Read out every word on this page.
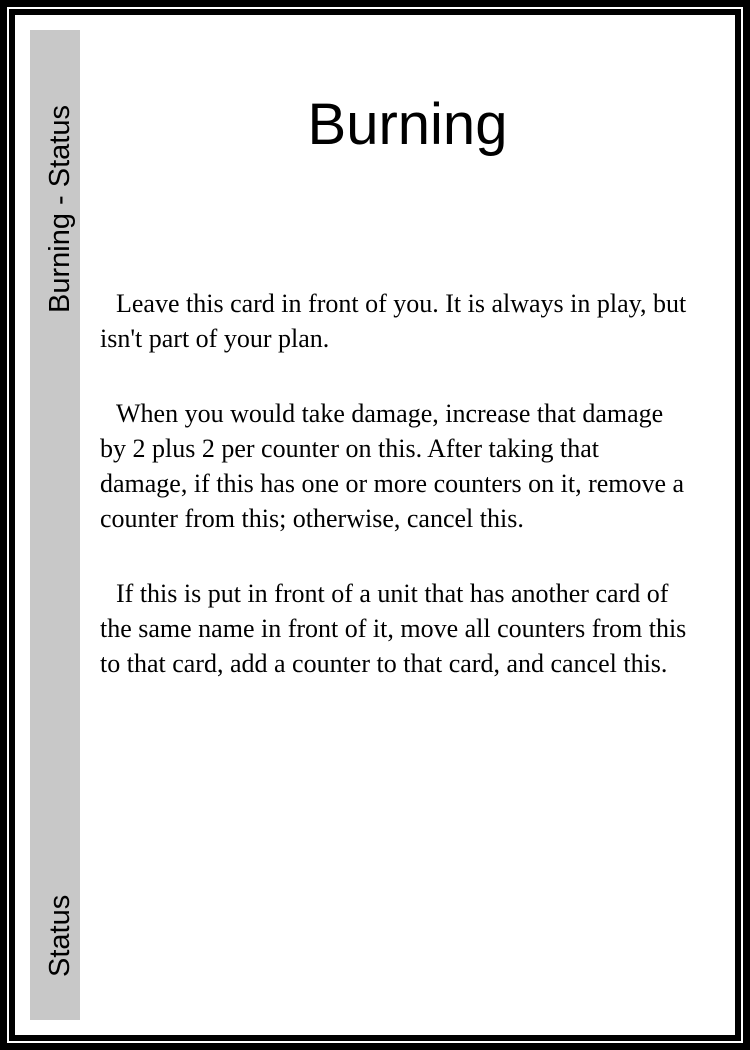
Burning - Status
Status
Burning

Leave this card in front of you. It is always in play, but isn't part of your plan.

When you would take damage, increase that damage by 2 plus 2 per counter on this. After taking that damage, if this has one or more counters on it, remove a counter from this; otherwise, cancel this.

If this is put in front of a unit that has another card of the same name in front of it, move all counters from this to that card, add a counter to that card, and cancel this.
